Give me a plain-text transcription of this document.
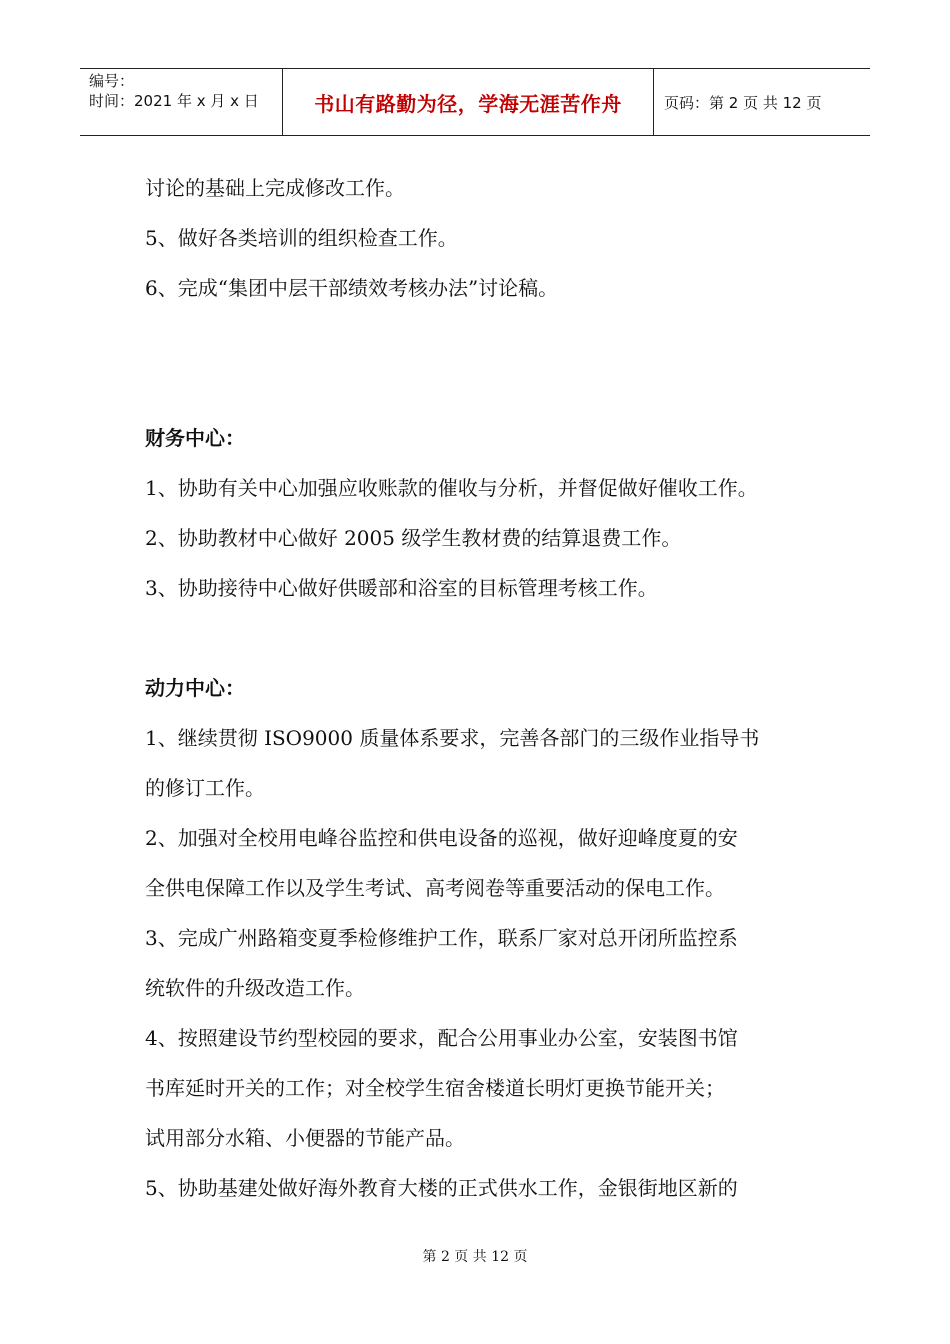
编号：
时间：2021 年 x 月 x 日	书山有路勤为径，学海无涯苦作舟	页码：第 2 页 共 12 页
讨论的基础上完成修改工作。
5、做好各类培训的组织检查工作。
6、完成“集团中层干部绩效考核办法”讨论稿。
财务中心：
1、协助有关中心加强应收账款的催收与分析，并督促做好催收工作。
2、协助教材中心做好 2005 级学生教材费的结算退费工作。
3、协助接待中心做好供暖部和浴室的目标管理考核工作。
动力中心：
1、继续贯彻 ISO9000 质量体系要求，完善各部门的三级作业指导书
的修订工作。
2、加强对全校用电峰谷监控和供电设备的巡视，做好迎峰度夏的安
全供电保障工作以及学生考试、高考阅卷等重要活动的保电工作。
3、完成广州路箱变夏季检修维护工作，联系厂家对总开闭所监控系
统软件的升级改造工作。
4、按照建设节约型校园的要求，配合公用事业办公室，安装图书馆
书库延时开关的工作；对全校学生宿舍楼道长明灯更换节能开关；
试用部分水箱、小便器的节能产品。
5、协助基建处做好海外教育大楼的正式供水工作，金银街地区新的
第 2 页 共 12 页
